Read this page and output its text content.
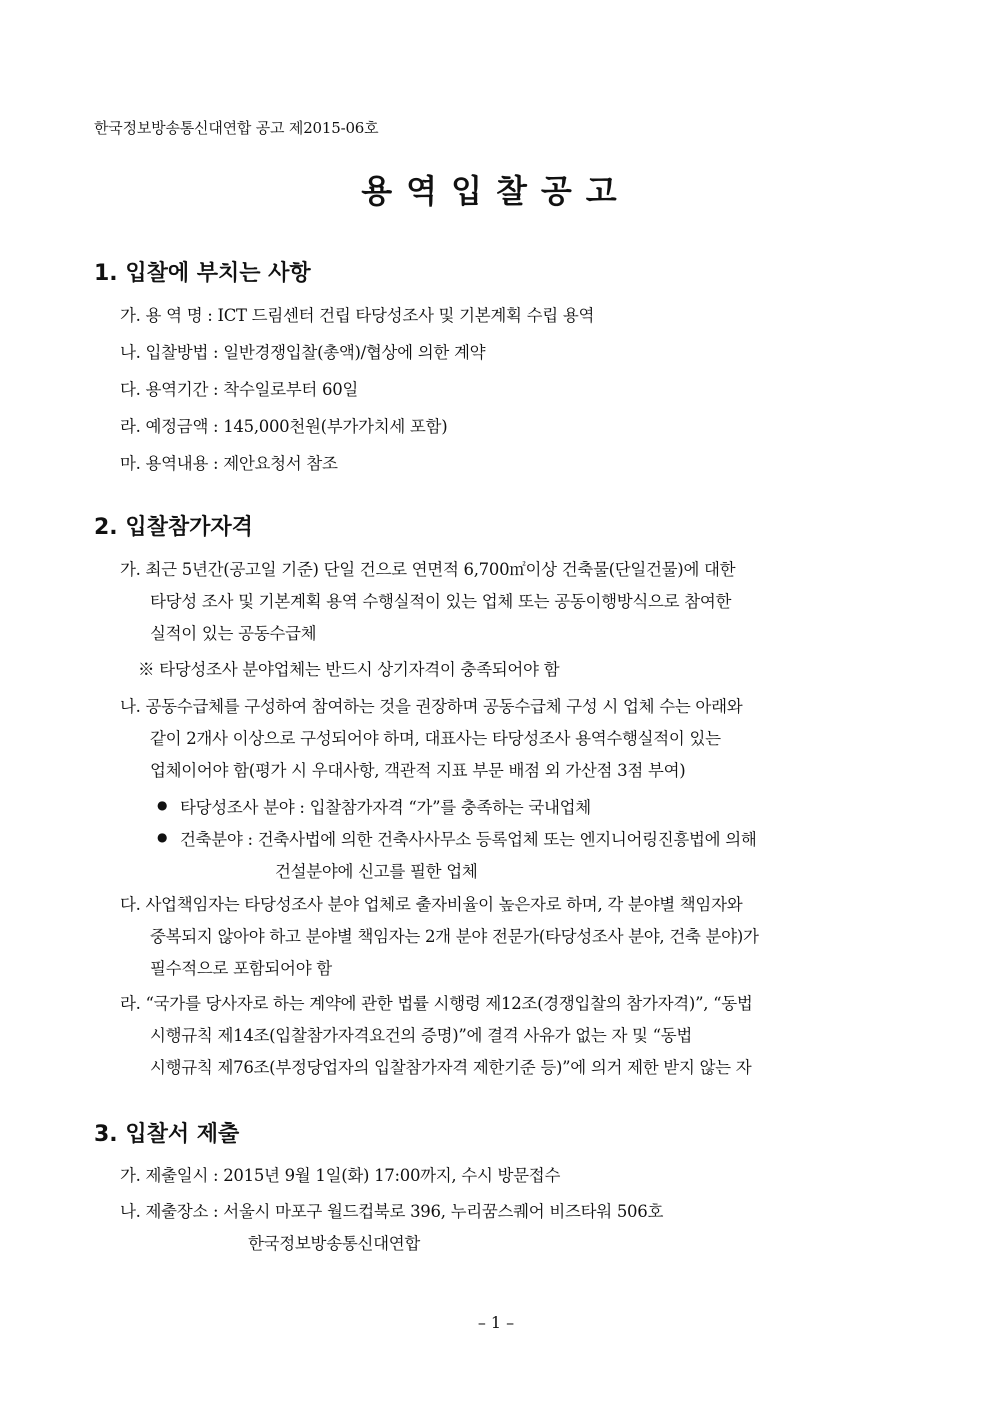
한국정보방송통신대연합 공고 제2015-06호
용역입찰공고
1. 입찰에 부치는 사항
가. 용 역 명 : ICT 드림센터 건립 타당성조사 및 기본계획 수립 용역
나. 입찰방법 : 일반경쟁입찰(총액)/협상에 의한 계약
다. 용역기간 : 착수일로부터 60일
라. 예정금액 : 145,000천원(부가가치세 포함)
마. 용역내용 : 제안요청서 참조
2. 입찰참가자격
가. 최근 5년간(공고일 기준) 단일 건으로 연면적 6,700㎡이상 건축물(단일건물)에 대한
타당성 조사 및 기본계획 용역 수행실적이 있는 업체 또는 공동이행방식으로 참여한
실적이 있는 공동수급체
※ 타당성조사 분야업체는 반드시 상기자격이 충족되어야 함
나. 공동수급체를 구성하여 참여하는 것을 권장하며 공동수급체 구성 시 업체 수는 아래와
같이 2개사 이상으로 구성되어야 하며, 대표사는 타당성조사 용역수행실적이 있는
업체이어야 함(평가 시 우대사항, 객관적 지표 부문 배점 외 가산점 3점 부여)
● 타당성조사 분야 : 입찰참가자격 “가”를 충족하는 국내업체
● 건축분야 : 건축사법에 의한 건축사사무소 등록업체 또는 엔지니어링진흥법에 의해
건설분야에 신고를 필한 업체
다. 사업책임자는 타당성조사 분야 업체로 출자비율이 높은자로 하며, 각 분야별 책임자와
중복되지 않아야 하고 분야별 책임자는 2개 분야 전문가(타당성조사 분야, 건축 분야)가
필수적으로 포함되어야 함
라. “국가를 당사자로 하는 계약에 관한 법률 시행령 제12조(경쟁입찰의 참가자격)”, “동법
시행규칙 제14조(입찰참가자격요건의 증명)”에 결격 사유가 없는 자 및 “동법
시행규칙 제76조(부정당업자의 입찰참가자격 제한기준 등)”에 의거 제한 받지 않는 자
3. 입찰서 제출
가. 제출일시 : 2015년 9월 1일(화) 17:00까지, 수시 방문접수
나. 제출장소 : 서울시 마포구 월드컵북로 396, 누리꿈스퀘어 비즈타워 506호
한국정보방송통신대연합
– 1 –
